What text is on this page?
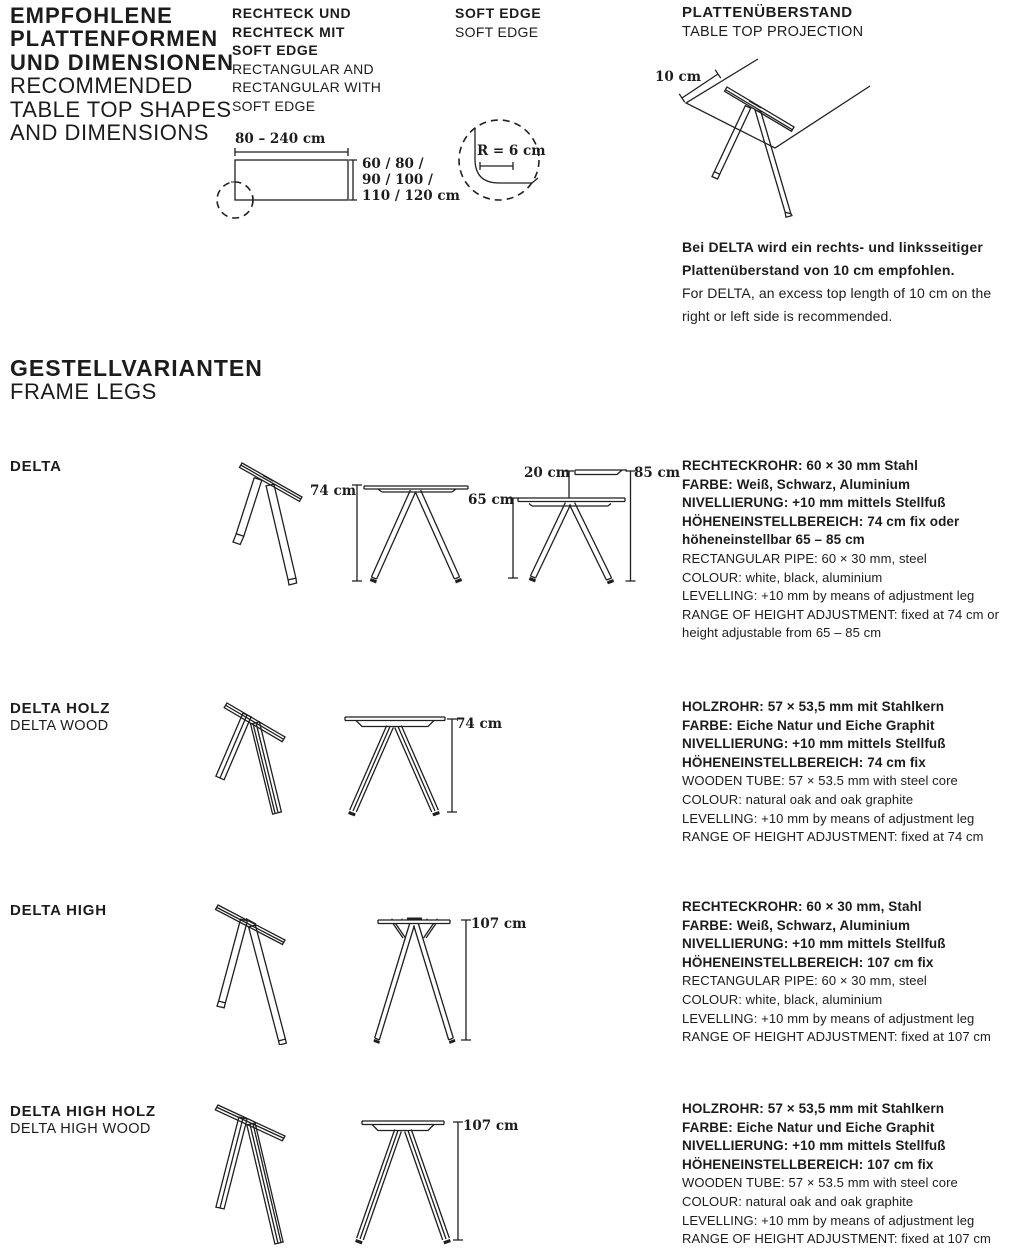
EMPFOHLENE
PLATTENFORMEN
UND DIMENSIONEN
RECOMMENDED
TABLE TOP SHAPES
AND DIMENSIONS
RECHTECK UND
RECHTECK MIT
SOFT EDGE
RECTANGULAR AND
RECTANGULAR WITH
SOFT EDGE
80 – 240 cm
60 / 80 /
90 / 100 /
110 / 120 cm
SOFT EDGE
SOFT EDGE
R = 6 cm
PLATTENÜBERSTAND
TABLE TOP PROJECTION
10 cm
Bei DELTA wird ein rechts- und linksseitiger
Plattenüberstand von 10 cm empfohlen.
For DELTA, an excess top length of 10 cm on the
right or left side is recommended.
GESTELLVARIANTEN
FRAME LEGS
DELTA
74 cm
65 cm
20 cm	85 cm RECHTECKROHR: 60 × 30 mm Stahl
FARBE: Weiß, Schwarz, Aluminium
NIVELLIERUNG: +10 mm mittels Stellfuß
HÖHENEINSTELLBEREICH: 74 cm fix oder
höheneinstellbar 65 – 85 cm
RECTANGULAR PIPE: 60 × 30 mm, steel
COLOUR: white, black, aluminium
LEVELLING: +10 mm by means of adjustment leg
RANGE OF HEIGHT ADJUSTMENT: fixed at 74 cm or
height adjustable from 65 – 85 cm
DELTA HOLZ
DELTA WOOD	74 cm
HOLZROHR: 57 × 53,5 mm mit Stahlkern
FARBE: Eiche Natur und Eiche Graphit
NIVELLIERUNG: +10 mm mittels Stellfuß
HÖHENEINSTELLBEREICH: 74 cm fix
WOODEN TUBE: 57 × 53.5 mm with steel core
COLOUR: natural oak and oak graphite
LEVELLING: +10 mm by means of adjustment leg
RANGE OF HEIGHT ADJUSTMENT: fixed at 74 cm
DELTA HIGH
107 cm
RECHTECKROHR: 60 × 30 mm, Stahl
FARBE: Weiß, Schwarz, Aluminium
NIVELLIERUNG: +10 mm mittels Stellfuß
HÖHENEINSTELLBEREICH: 107 cm fix
RECTANGULAR PIPE: 60 × 30 mm, steel
COLOUR: white, black, aluminium
LEVELLING: +10 mm by means of adjustment leg
RANGE OF HEIGHT ADJUSTMENT: fixed at 107 cm
DELTA HIGH HOLZ
DELTA HIGH WOOD	107 cm
HOLZROHR: 57 × 53,5 mm mit Stahlkern
FARBE: Eiche Natur und Eiche Graphit
NIVELLIERUNG: +10 mm mittels Stellfuß
HÖHENEINSTELLBEREICH: 107 cm fix
WOODEN TUBE: 57 × 53.5 mm with steel core
COLOUR: natural oak and oak graphite
LEVELLING: +10 mm by means of adjustment leg
RANGE OF HEIGHT ADJUSTMENT: fixed at 107 cm
